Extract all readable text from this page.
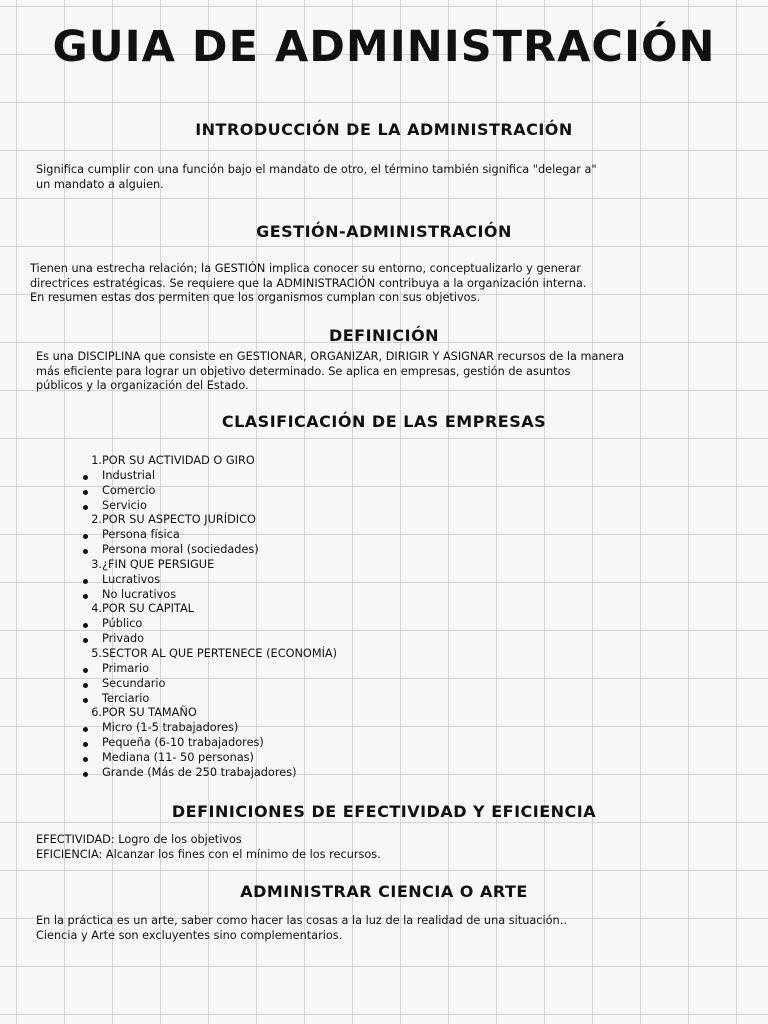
GUIA DE ADMINISTRACIÓN
INTRODUCCIÓN DE LA ADMINISTRACIÓN

Significa cumplir con una función bajo el mandato de otro, el término también significa "delegar a"
un mandato a alguien.

GESTIÓN-ADMINISTRACIÓN

Tienen una estrecha relación; la GESTIÓN implica conocer su entorno, conceptualizarlo y generar
directrices estratégicas. Se requiere que la ADMINISTRACIÓN contribuya a la organización interna.
En resumen estas dos permiten que los organismos cumplan con sus objetivos.

DEFINICIÓN

Es una DISCIPLINA que consiste en GESTIONAR, ORGANIZAR, DIRIGIR Y ASIGNAR recursos de la manera
más eficiente para lograr un objetivo determinado. Se aplica en empresas, gestión de asuntos
públicos y la organización del Estado.

CLASIFICACIÓN DE LAS EMPRESAS
1.POR SU ACTIVIDAD O GIRO
Industrial
Comercio
Servicio
2.POR SU ASPECTO JURÍDICO
Persona física
Persona moral (sociedades)
3.¿FIN QUE PERSIGUE
Lucrativos
No lucrativos
4.POR SU CAPITAL
Público
Privado
5.SECTOR AL QUE PERTENECE (ECONOMÍA)
Primario
Secundario
Terciario
6.POR SU TAMAÑO
Micro (1-5 trabajadores)
Pequeña (6-10 trabajadores)
Mediana (11- 50 personas)
Grande (Más de 250 trabajadores)
DEFINICIONES DE EFECTIVIDAD Y EFICIENCIA

EFECTIVIDAD: Logro de los objetivos
EFICIENCIA: Alcanzar los fines con el mínimo de los recursos.

ADMINISTRAR CIENCIA O ARTE

En la práctica es un arte, saber como hacer las cosas a la luz de la realidad de una situación..
Ciencia y Arte son excluyentes sino complementarios.
